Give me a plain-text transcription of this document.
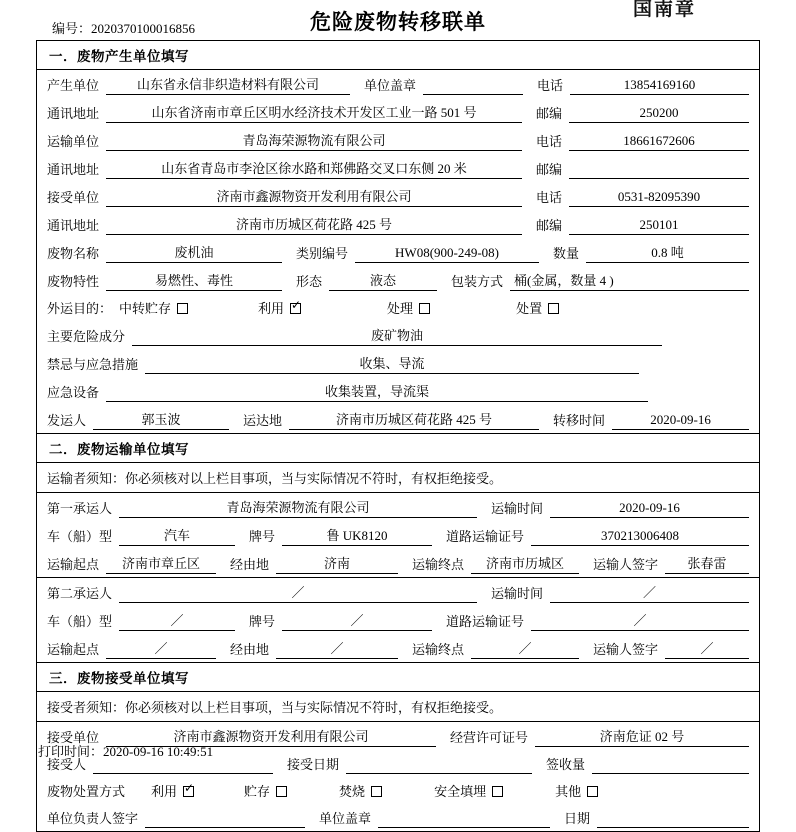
国南章
编号：2020370100016856	危险废物转移联单
一．废物产生单位填写
产生单位	山东省永信非织造材料有限公司	单位盖章	电话	13854169160
通讯地址	山东省济南市章丘区明水经济技术开发区工业一路 501 号	邮编	250200
运输单位	青岛海荣源物流有限公司	电话	18661672606
通讯地址	山东省青岛市李沧区徐水路和郑佛路交叉口东侧 20 米	邮编
接受单位	济南市鑫源物资开发利用有限公司	电话	0531-82095390
通讯地址	济南市历城区荷花路 425 号	邮编	250101
废物名称	废机油	类别编号	HW08(900-249-08)	数量	0.8 吨
废物特性	易燃性、毒性	形态	液态	包装方式 桶(金属，数量 4 )
外运目的： 中转贮存	利用 ✓	处理	处置
主要危险成分	废矿物油
禁忌与应急措施	收集、导流
应急设备	收集装置，导流渠
发运人	郭玉波	运达地	济南市历城区荷花路 425 号	转移时间	2020-09-16
二．废物运输单位填写
运输者须知：你必须核对以上栏目事项，当与实际情况不符时，有权拒绝接受。
第一承运人	青岛海荣源物流有限公司	运输时间	2020-09-16
车（船）型	汽车	牌号	鲁 UK8120	道路运输证号	370213006408
运输起点	济南市章丘区	经由地	济南	运输终点	济南市历城区	运输人签字	张春雷
第二承运人	／	运输时间	／
车（船）型	／	牌号	／	道路运输证号	／
运输起点	／	经由地	／	运输终点	／	运输人签字	／
三．废物接受单位填写
接受者须知：你必须核对以上栏目事项，当与实际情况不符时，有权拒绝接受。
接受单位	济南市鑫源物资开发利用有限公司	经营许可证号	济南危证 02 号
接受人	接受日期	签收量
废物处置方式 利用 ✓	贮存	焚烧	安全填埋	其他
单位负责人签字	单位盖章	日期
打印时间：2020-09-16 10:49:51
